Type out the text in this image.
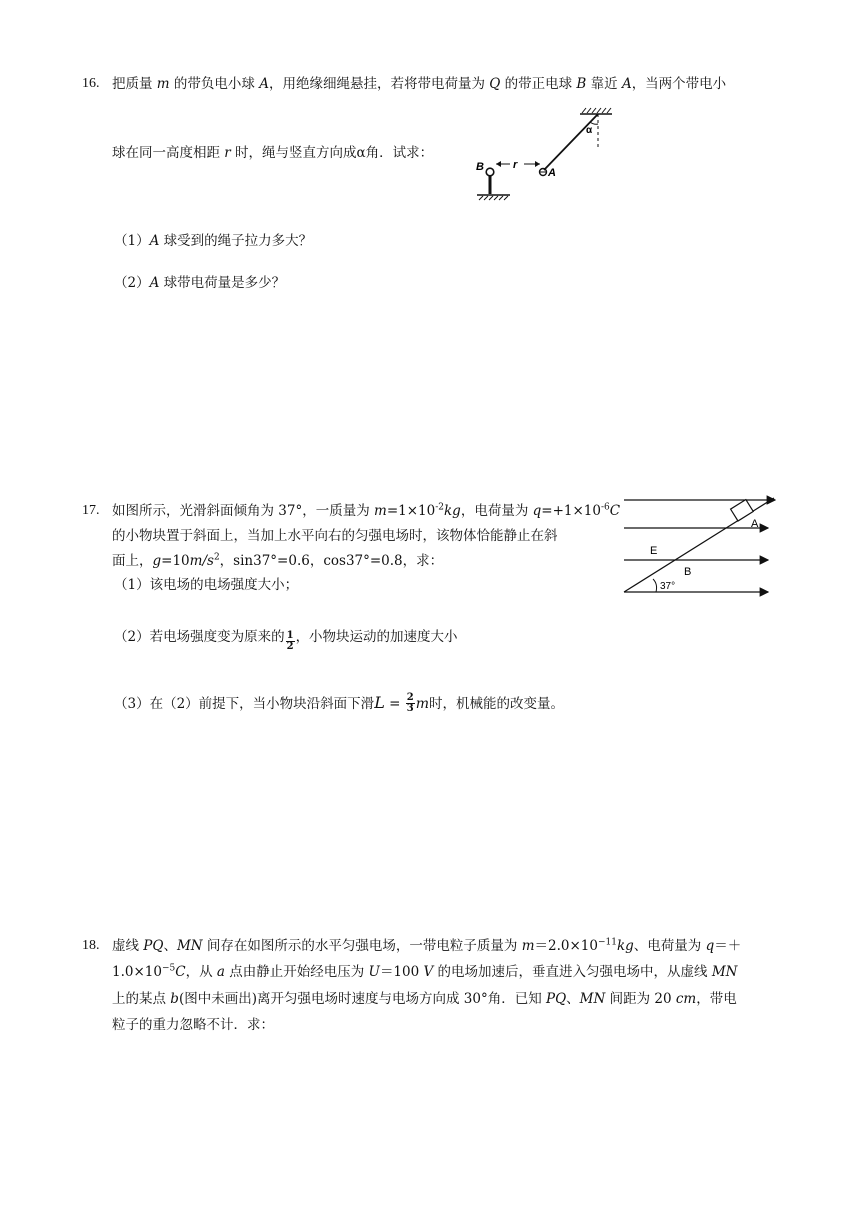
16. 把质量 m 的带负电小球 A，用绝缘细绳悬挂，若将带电荷量为 Q 的带正电球 B 靠近 A，当两个带电小
球在同一高度相距 r 时，绳与竖直方向成α角．试求：
α
A
r
B
（1）A 球受到的绳子拉力多大？
（2）A 球带电荷量是多少？
17. 如图所示，光滑斜面倾角为 37°，一质量为 $m=1\times 10^{-2}kg$，电荷量为 $q=+1\times 10^{-6}C$
的小物块置于斜面上，当加上水平向右的匀强电场时，该物体恰能静止在斜
面上，$g=10m/s^2$，sin37°=0.6，cos37°=0.8，求：
（1）该电场的电场强度大小；
（2）若电场强度变为原来的 $\frac{1}{2}$ ，小物块运动的加速度大小
（3）在（2）前提下，当小物块沿斜面下滑$L = \frac{2}{3}$ m时，机械能的改变量。
A
E
B
37°
18. 虚线 PQ、MN 间存在如图所示的水平匀强电场，一带电粒子质量为 $m=2.0\times 10^{-11}kg$、电荷量为 q＝＋
$1.0\times 10^{-5}C$，从 a 点由静止开始经电压为 U＝100 V 的电场加速后，垂直进入匀强电场中，从虚线 MN
上的某点 b(图中未画出)离开匀强电场时速度与电场方向成 30°角．已知 PQ、MN 间距为 20 cm，带电
粒子的重力忽略不计．求：
